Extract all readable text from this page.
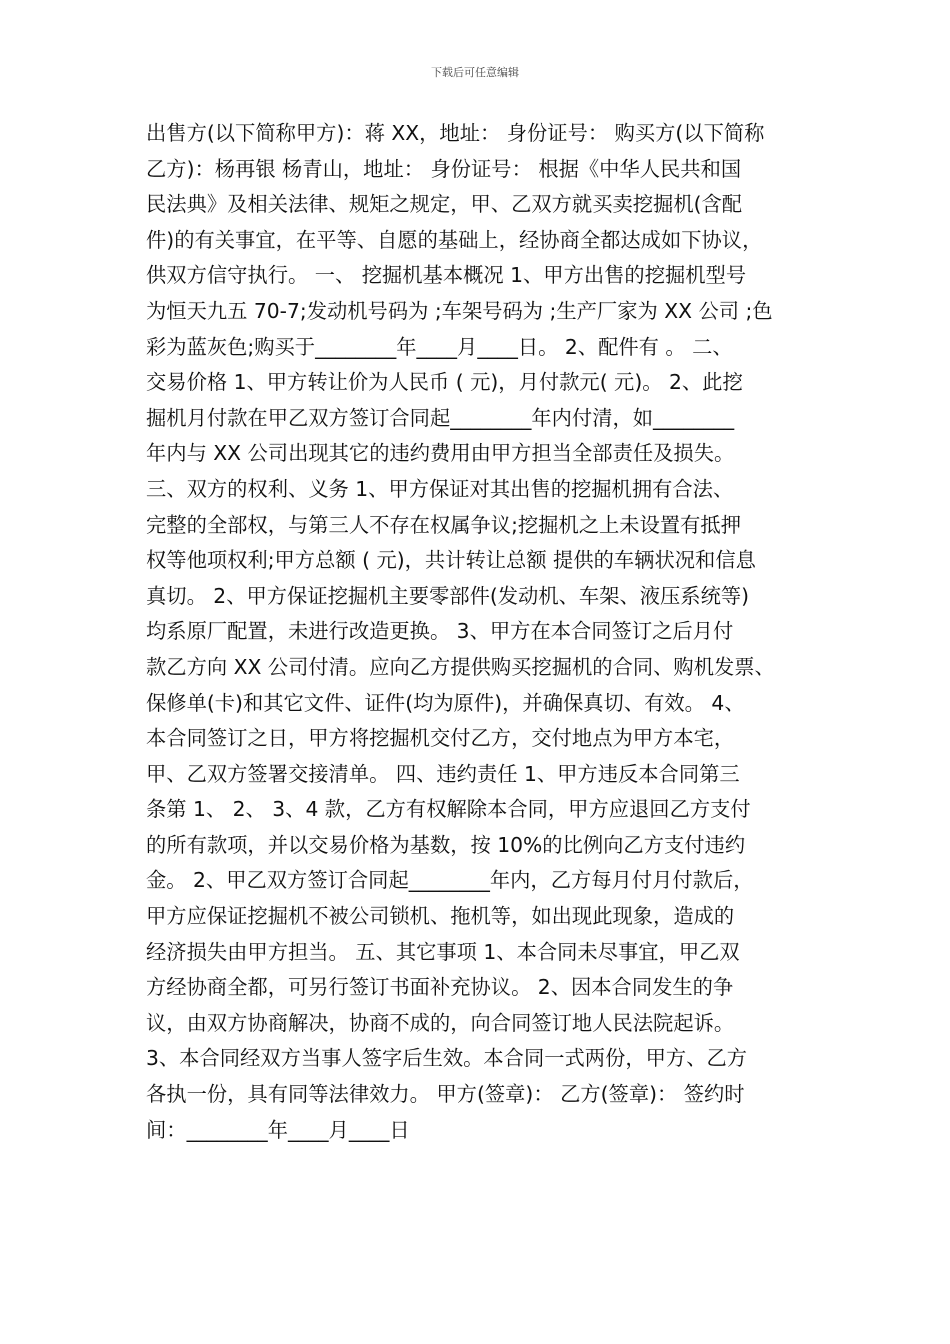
下载后可任意编辑
出售方(以下简称甲方)：蒋 XX，地址： 身份证号： 购买方(以下简称
乙方)：杨再银 杨青山，地址： 身份证号： 根据《中华人民共和国
民法典》及相关法律、规矩之规定，甲、乙双方就买卖挖掘机(含配
件)的有关事宜，在平等、自愿的基础上，经协商全都达成如下协议，
供双方信守执行。 一、 挖掘机基本概况 1、甲方出售的挖掘机型号
为恒天九五 70-7;发动机号码为 ;车架号码为 ;生产厂家为 XX 公司 ;色
彩为蓝灰色;购买于________年____月____日。 2、配件有 。 二、
交易价格 1、甲方转让价为人民币 ( 元)，月付款元( 元)。 2、此挖
掘机月付款在甲乙双方签订合同起________年内付清，如________
年内与 XX 公司出现其它的违约费用由甲方担当全部责任及损失。
三、双方的权利、义务 1、甲方保证对其出售的挖掘机拥有合法、
完整的全部权，与第三人不存在权属争议;挖掘机之上未设置有抵押
权等他项权利;甲方总额 ( 元)，共计转让总额 提供的车辆状况和信息
真切。 2、甲方保证挖掘机主要零部件(发动机、车架、液压系统等)
均系原厂配置，未进行改造更换。 3、甲方在本合同签订之后月付
款乙方向 XX 公司付清。应向乙方提供购买挖掘机的合同、购机发票、
保修单(卡)和其它文件、证件(均为原件)，并确保真切、有效。 4、
本合同签订之日，甲方将挖掘机交付乙方，交付地点为甲方本宅，
甲、乙双方签署交接清单。 四、违约责任 1、甲方违反本合同第三
条第 1、 2、 3、4 款，乙方有权解除本合同，甲方应退回乙方支付
的所有款项，并以交易价格为基数，按 10%的比例向乙方支付违约
金。 2、甲乙双方签订合同起________年内，乙方每月付月付款后，
甲方应保证挖掘机不被公司锁机、拖机等，如出现此现象，造成的
经济损失由甲方担当。 五、其它事项 1、本合同未尽事宜，甲乙双
方经协商全都，可另行签订书面补充协议。 2、因本合同发生的争
议，由双方协商解决，协商不成的，向合同签订地人民法院起诉。
3、本合同经双方当事人签字后生效。本合同一式两份，甲方、乙方
各执一份，具有同等法律效力。 甲方(签章)： 乙方(签章)： 签约时
间：________年____月____日
